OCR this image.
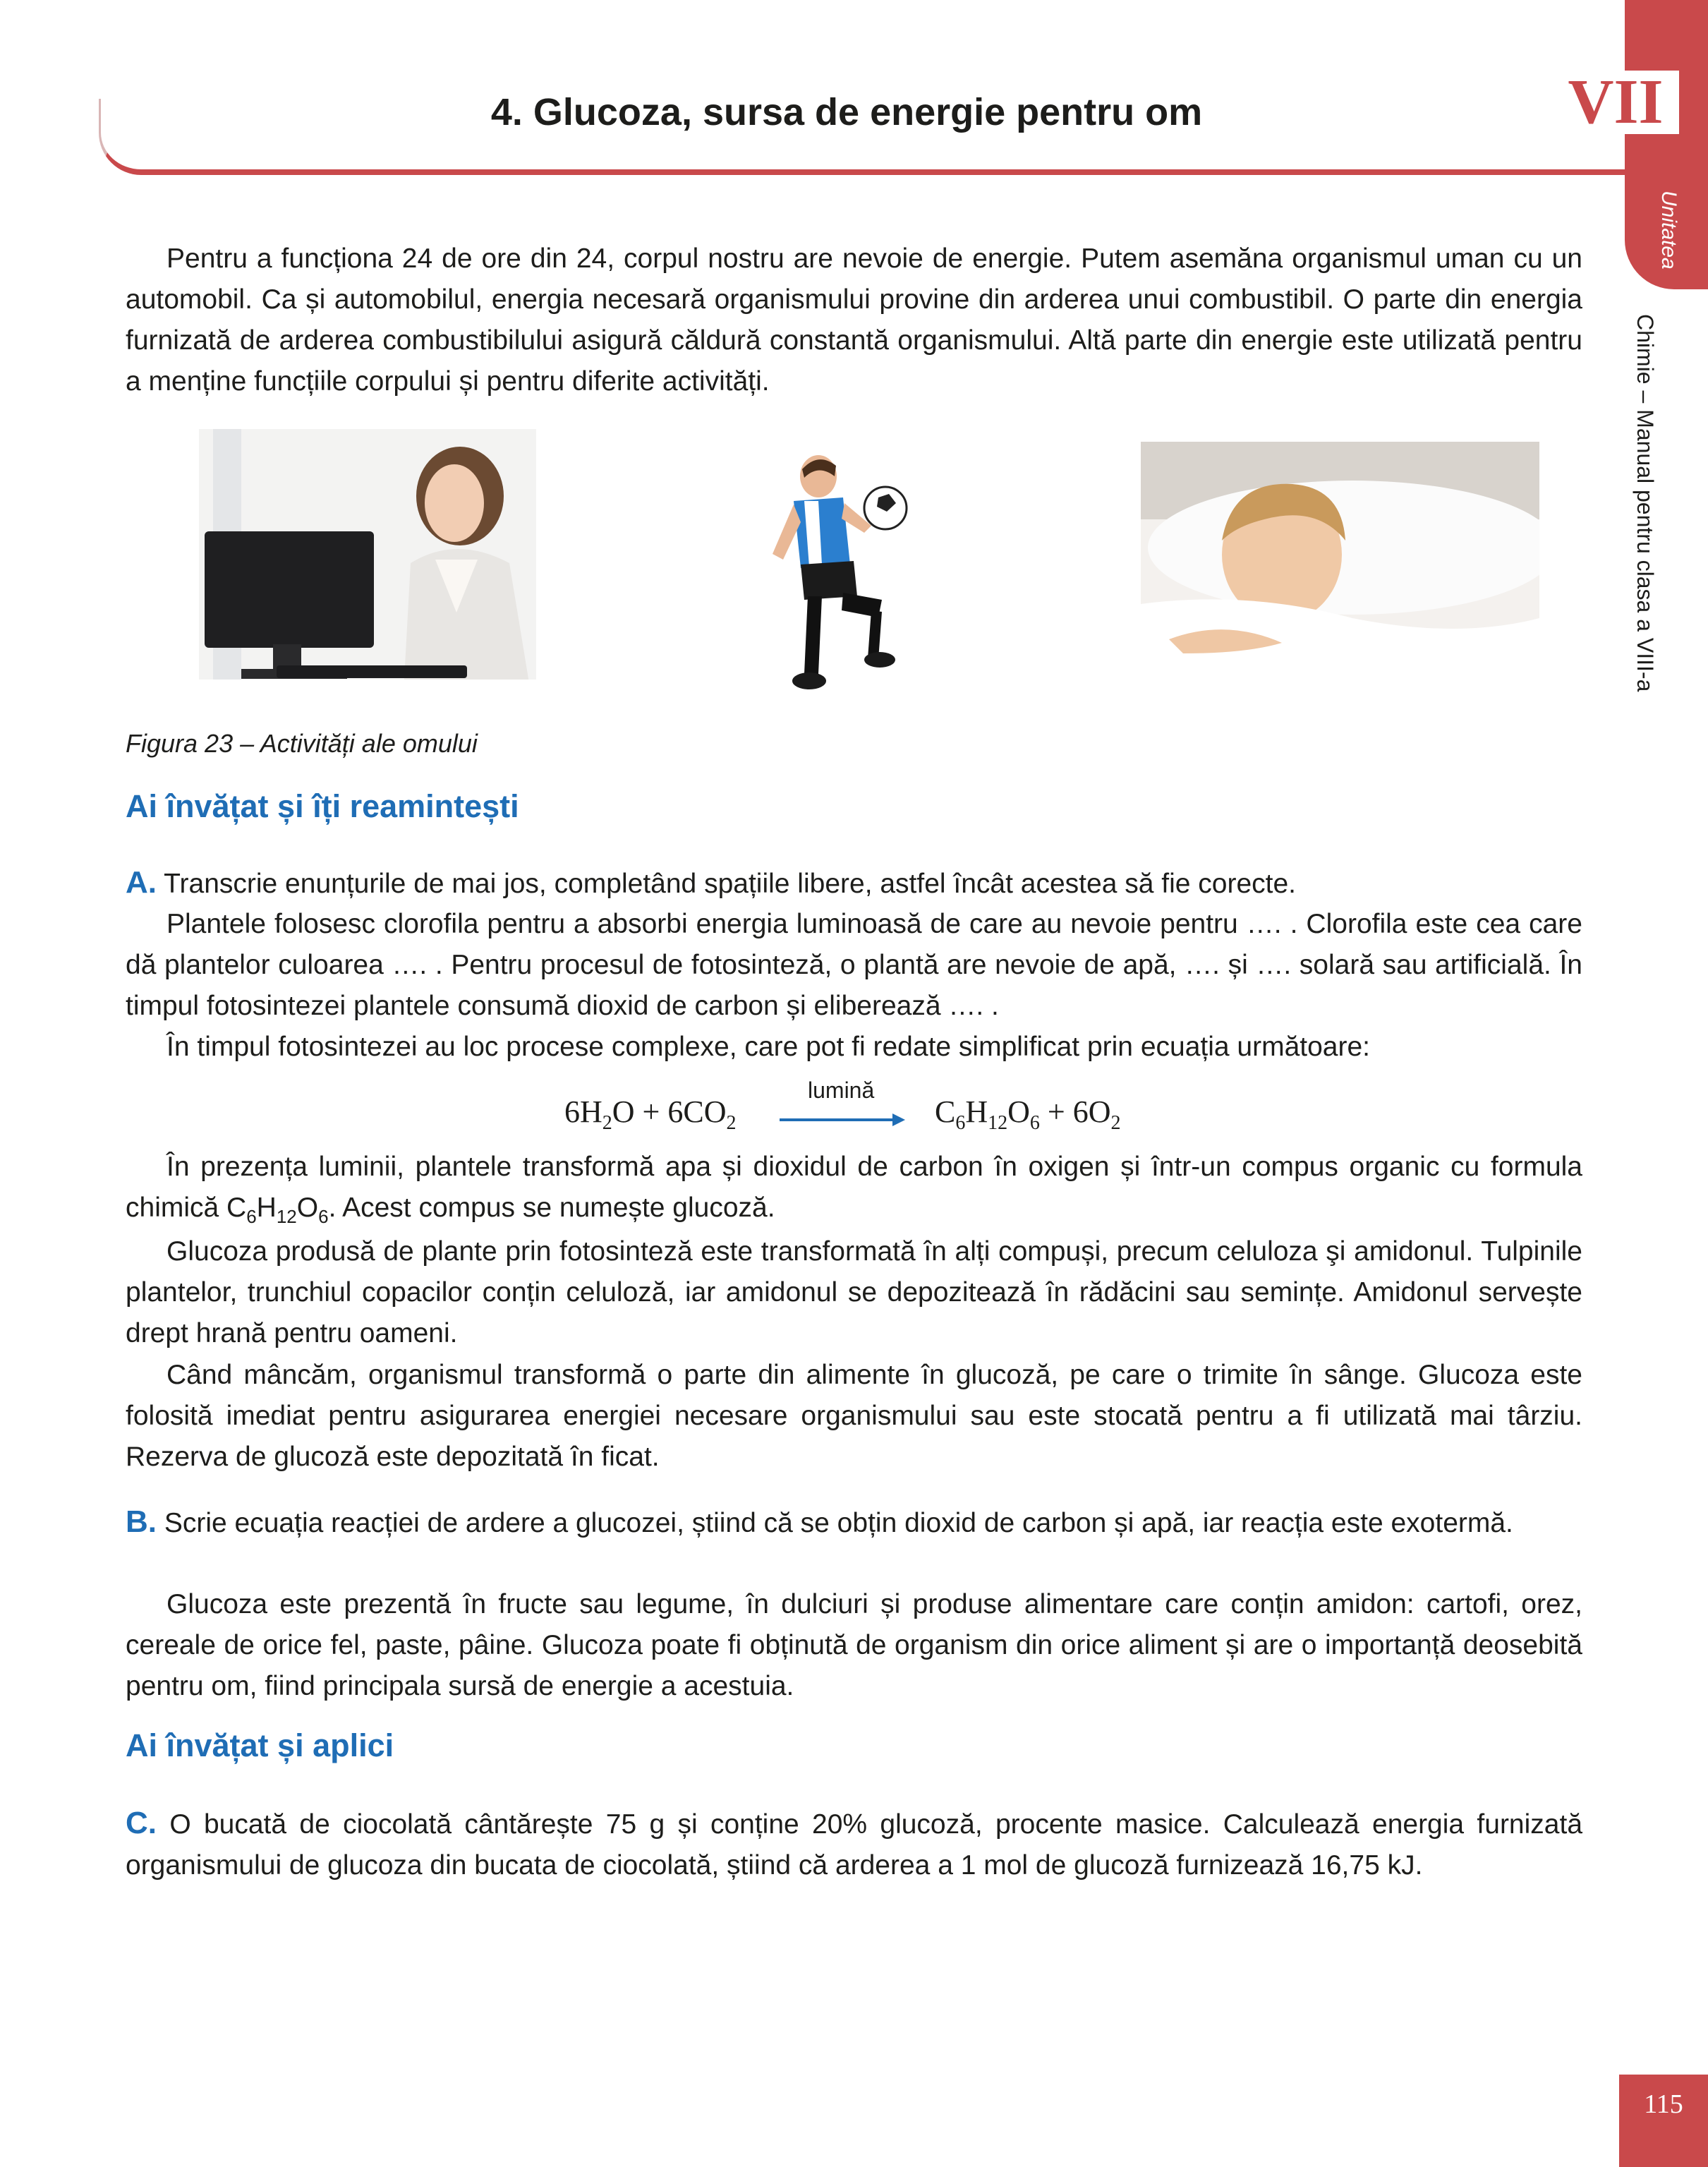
4. Glucoza, sursa de energie pentru om	VII
Unitatea
Chimie – Manual pentru clasa a VIII-a

Pentru a funcționa 24 de ore din 24, corpul nostru are nevoie de energie. Putem asemăna organismul uman cu un automobil. Ca și automobilul, energia necesară organismului provine din arderea unui combustibil. O parte din energia furnizată de arderea combustibilului asigură căldură constantă organismului. Altă parte din energie este utilizată pentru a menține funcțiile corpului și pentru diferite activități.

Figura 23 – Activități ale omului
Ai învățat și îți reamintești

A. Transcrie enunțurile de mai jos, completând spațiile libere, astfel încât acestea să fie corecte.

Plantele folosesc clorofila pentru a absorbi energia luminoasă de care au nevoie pentru …. . Clorofila este cea care dă plantelor culoarea …. . Pentru procesul de fotosinteză, o plantă are nevoie de apă, …. și …. solară sau artificială. În timpul fotosintezei plantele consumă dioxid de carbon și eliberează …. .

În timpul fotosintezei au loc procese complexe, care pot fi redate simplificat prin ecuația următoare:

$6H_2O + 6CO_2$
lumină
$C_6H_{12}O_6 + 6O_2$

În prezența luminii, plantele transformă apa și dioxidul de carbon în oxigen și într-un compus organic cu formula chimică $C_6H_{12}O_6$. Acest compus se numește glucoză.

Glucoza produsă de plante prin fotosinteză este transformată în alți compuși, precum celuloza şi amidonul. Tulpinile plantelor, trunchiul copacilor conțin celuloză, iar amidonul se depozitează în rădăcini sau semințe. Amidonul servește drept hrană pentru oameni.

Când mâncăm, organismul transformă o parte din alimente în glucoză, pe care o trimite în sânge. Glucoza este folosită imediat pentru asigurarea energiei necesare organismului sau este stocată pentru a fi utilizată mai târziu. Rezerva de glucoză este depozitată în ficat.

B. Scrie ecuația reacției de ardere a glucozei, știind că se obțin dioxid de carbon și apă, iar reacția este exotermă.

Glucoza este prezentă în fructe sau legume, în dulciuri și produse alimentare care conțin amidon: cartofi, orez, cereale de orice fel, paste, pâine. Glucoza poate fi obținută de organism din orice aliment și are o importanță deosebită pentru om, fiind principala sursă de energie a acestuia.

Ai învățat și aplici

C. O bucată de ciocolată cântărește 75 g și conține 20% glucoză, procente masice. Calculează energia furnizată organismului de glucoza din bucata de ciocolată, știind că arderea a 1 mol de glucoză furnizează 16,75 kJ.

115
